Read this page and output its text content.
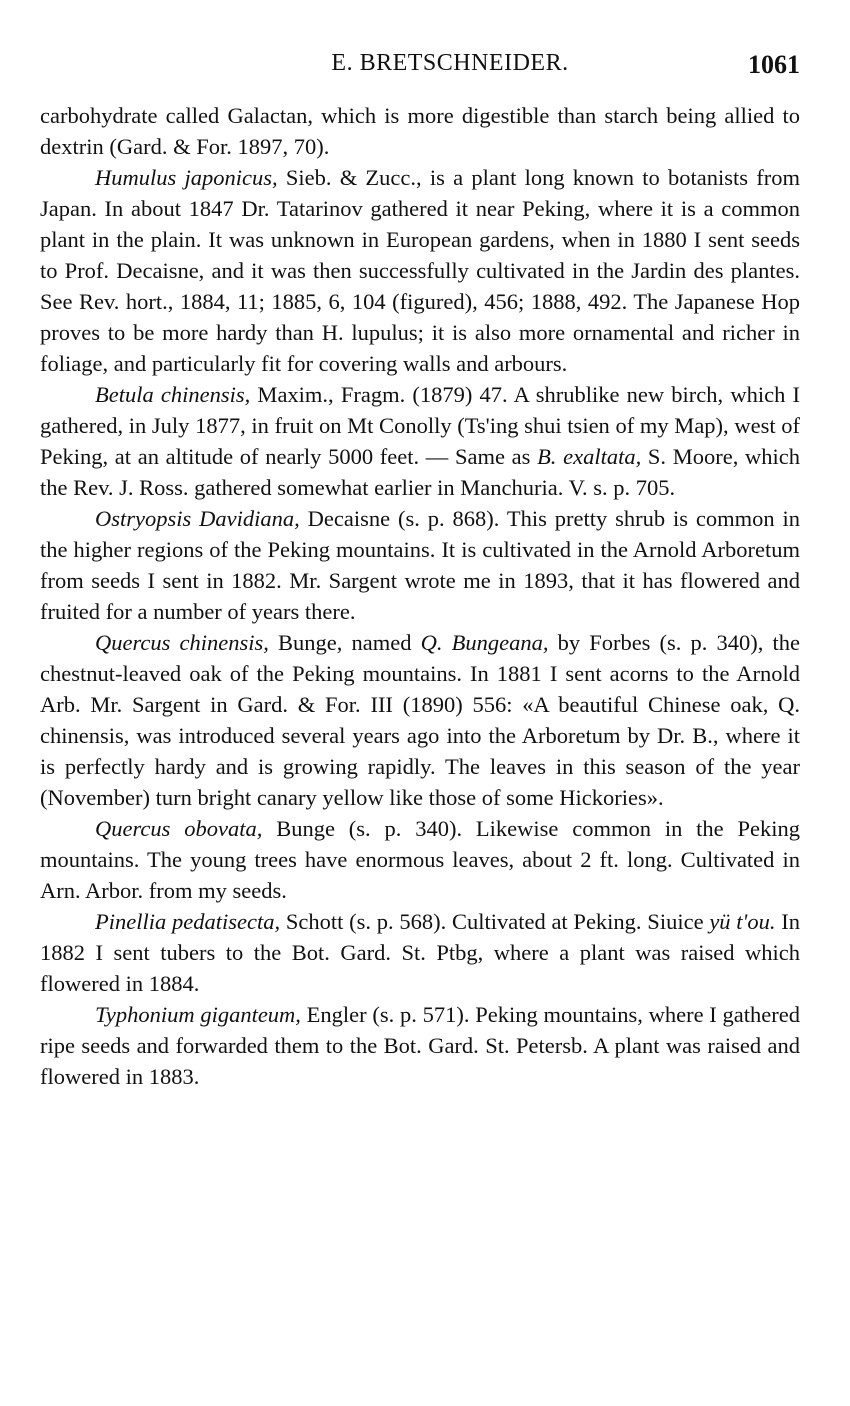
E. BRETSCHNEIDER.	1061

carbohydrate called Galactan, which is more digestible than starch being allied to dextrin (Gard. & For. 1897, 70).

Humulus japonicus, Sieb. & Zucc., is a plant long known to botanists from Japan. In about 1847 Dr. Tatarinov gathered it near Peking, where it is a common plant in the plain. It was unknown in European gardens, when in 1880 I sent seeds to Prof. Decaisne, and it was then successfully cultivated in the Jardin des plantes. See Rev. hort., 1884, 11; 1885, 6, 104 (figured), 456; 1888, 492. The Japanese Hop proves to be more hardy than H. lupulus; it is also more ornamental and richer in foliage, and particularly fit for covering walls and arbours.

Betula chinensis, Maxim., Fragm. (1879) 47. A shrublike new birch, which I gathered, in July 1877, in fruit on Mt Conolly (Ts'ing shui tsien of my Map), west of Peking, at an altitude of nearly 5000 feet. — Same as B. exaltata, S. Moore, which the Rev. J. Ross. gathered somewhat earlier in Manchuria. V. s. p. 705.

Ostryopsis Davidiana, Decaisne (s. p. 868). This pretty shrub is common in the higher regions of the Peking mountains. It is cultivated in the Arnold Arboretum from seeds I sent in 1882. Mr. Sargent wrote me in 1893, that it has flowered and fruited for a number of years there.

Quercus chinensis, Bunge, named Q. Bungeana, by Forbes (s. p. 340), the chestnut-leaved oak of the Peking mountains. In 1881 I sent acorns to the Arnold Arb. Mr. Sargent in Gard. & For. III (1890) 556: «A beautiful Chinese oak, Q. chinensis, was introduced several years ago into the Arboretum by Dr. B., where it is perfectly hardy and is growing rapidly. The leaves in this season of the year (November) turn bright canary yellow like those of some Hickories».

Quercus obovata, Bunge (s. p. 340). Likewise common in the Peking mountains. The young trees have enormous leaves, about 2 ft. long. Cultivated in Arn. Arbor. from my seeds.

Pinellia pedatisecta, Schott (s. p. 568). Cultivated at Peking. Siuice yü t'ou. In 1882 I sent tubers to the Bot. Gard. St. Ptbg, where a plant was raised which flowered in 1884.

Typhonium giganteum, Engler (s. p. 571). Peking mountains, where I gathered ripe seeds and forwarded them to the Bot. Gard. St. Petersb. A plant was raised and flowered in 1883.
